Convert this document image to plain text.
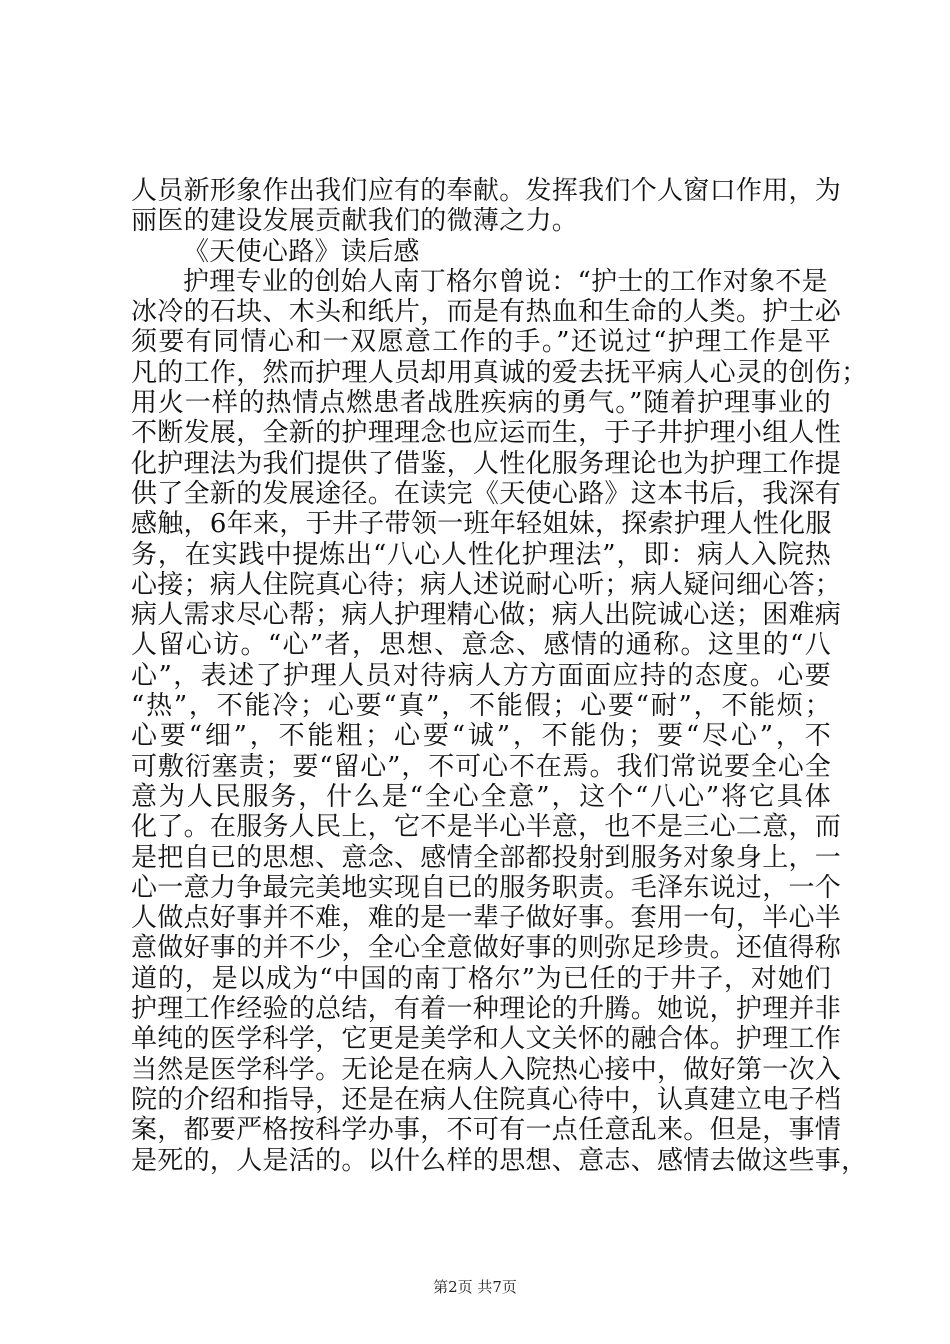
人员新形象作出我们应有的奉献。发挥我们个人窗口作用，为
丽医的建设发展贡献我们的微薄之力。
《天使心路》读后感
护理专业的创始人南丁格尔曾说：“护士的工作对象不是
冰冷的石块、木头和纸片，而是有热血和生命的人类。护士必
须要有同情心和一双愿意工作的手。”还说过“护理工作是平
凡的工作，然而护理人员却用真诚的爱去抚平病人心灵的创伤；
用火一样的热情点燃患者战胜疾病的勇气。”随着护理事业的
不断发展，全新的护理理念也应运而生，于子井护理小组人性
化护理法为我们提供了借鉴，人性化服务理论也为护理工作提
供了全新的发展途径。在读完《天使心路》这本书后，我深有
感触，6年来，于井子带领一班年轻姐妹，探索护理人性化服
务，在实践中提炼出“八心人性化护理法”，即：病人入院热
心接；病人住院真心待；病人述说耐心听；病人疑问细心答；
病人需求尽心帮；病人护理精心做；病人出院诚心送；困难病
人留心访。“心”者，思想、意念、感情的通称。这里的“八
心”，表述了护理人员对待病人方方面面应持的态度。心要
“热”，不能冷；心要“真”，不能假；心要“耐”，不能烦；
心要“细”，不能粗；心要“诚”，不能伪；要“尽心”，不
可敷衍塞责；要“留心”，不可心不在焉。我们常说要全心全
意为人民服务，什么是“全心全意”，这个“八心”将它具体
化了。在服务人民上，它不是半心半意，也不是三心二意，而
是把自已的思想、意念、感情全部都投射到服务对象身上，一
心一意力争最完美地实现自已的服务职责。毛泽东说过，一个
人做点好事并不难，难的是一辈子做好事。套用一句，半心半
意做好事的并不少，全心全意做好事的则弥足珍贵。还值得称
道的，是以成为“中国的南丁格尔”为已任的于井子，对她们
护理工作经验的总结，有着一种理论的升腾。她说，护理并非
单纯的医学科学，它更是美学和人文关怀的融合体。护理工作
当然是医学科学。无论是在病人入院热心接中，做好第一次入
院的介绍和指导，还是在病人住院真心待中，认真建立电子档
案，都要严格按科学办事，不可有一点任意乱来。但是，事情
是死的，人是活的。以什么样的思想、意志、感情去做这些事，
第2页 共7页
